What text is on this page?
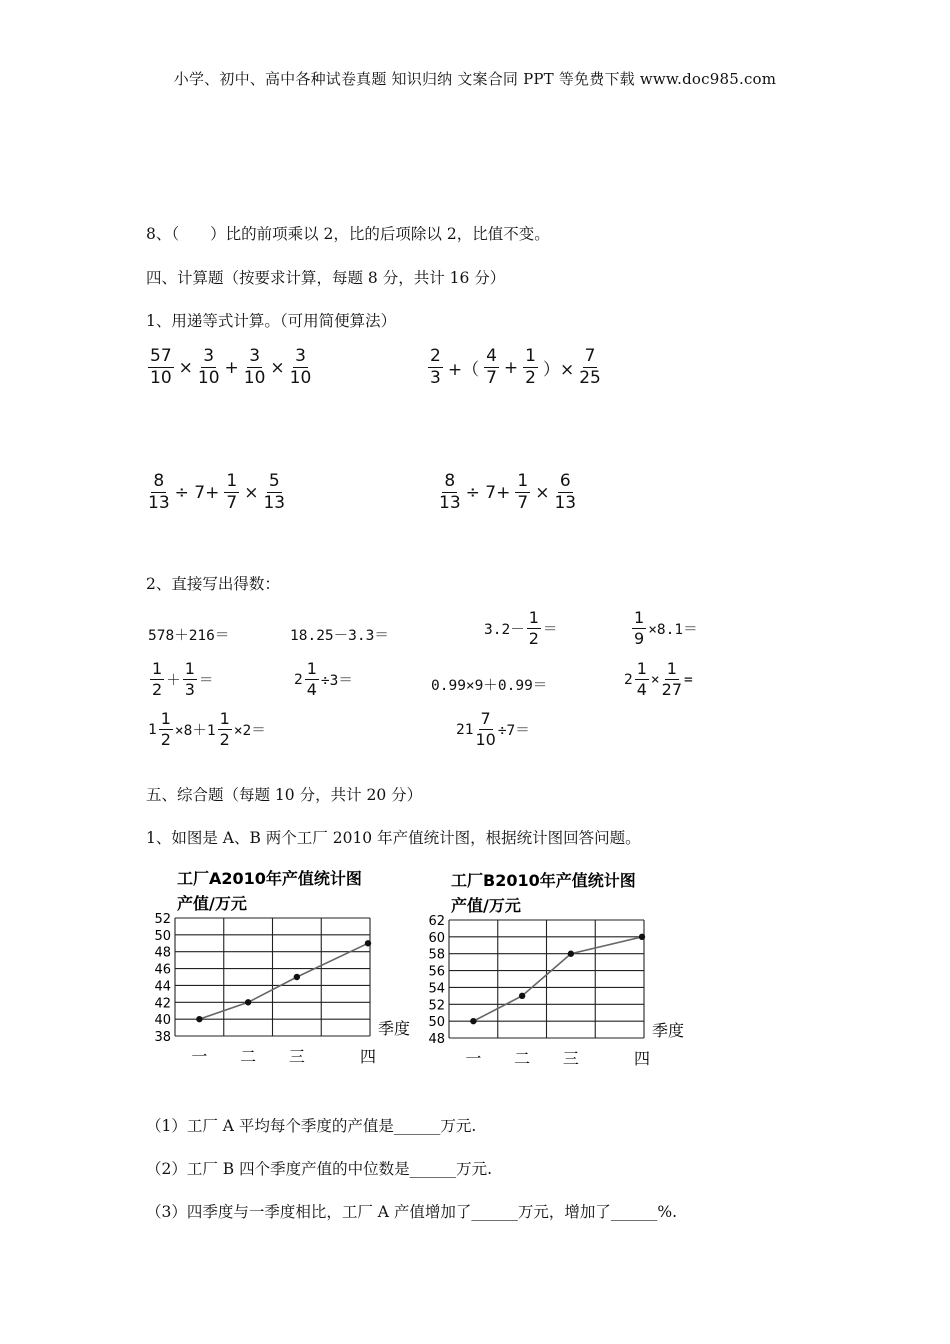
小学、初中、高中各种试卷真题 知识归纳 文案合同 PPT 等免费下载 www.doc985.com
8、（　　）比的前项乘以 2，比的后项除以 2，比值不变。
四、计算题（按要求计算，每题 8 分，共计 16 分）
1、用递等式计算。（可用简便算法）
$\frac{57}{10} \times \frac{3}{10} + \frac{3}{10} \times \frac{3}{10}$	$\frac{2}{3}$ +（ $\frac{4}{7} + \frac{1}{2}$ ）× $\frac{7}{25}$
$\frac{8}{13} \div 7+ \frac{1}{7} \times \frac{5}{13}$	$\frac{8}{13} \div 7+ \frac{1}{7} \times \frac{6}{13}$
2、直接写出得数：
578＋216＝	18.25－3.3＝	$3.2- \frac{1}{2}$ ＝	$\frac{1}{9} \times 8.1=$
$\frac{1}{2} + \frac{1}{3}$ ＝	$2 \frac{1}{4} \div 3=$	0.99×9＋0.99＝	$2 \frac{1}{4} \times \frac{1}{27}$ =
$1 \frac{1}{2} \times 8+1 \frac{1}{2} \times 2=$	$21 \frac{7}{10} \div 7=$
五、综合题（每题 10 分，共计 20 分）
1、如图是 A、B 两个工厂 2010 年产值统计图，根据统计图回答问题。
工厂A2010年产值统计图
产值/万元
38
40
42
44
46
48
50
52
季度
一 二 三	四
工厂B2010年产值统计图
产值/万元
48
50
52
54
56
58
60
62
季度
一 二 三	四
（1）工厂 A 平均每个季度的产值是______万元.
（2）工厂 B 四个季度产值的中位数是______万元.
（3）四季度与一季度相比，工厂 A 产值增加了______万元，增加了______%.
